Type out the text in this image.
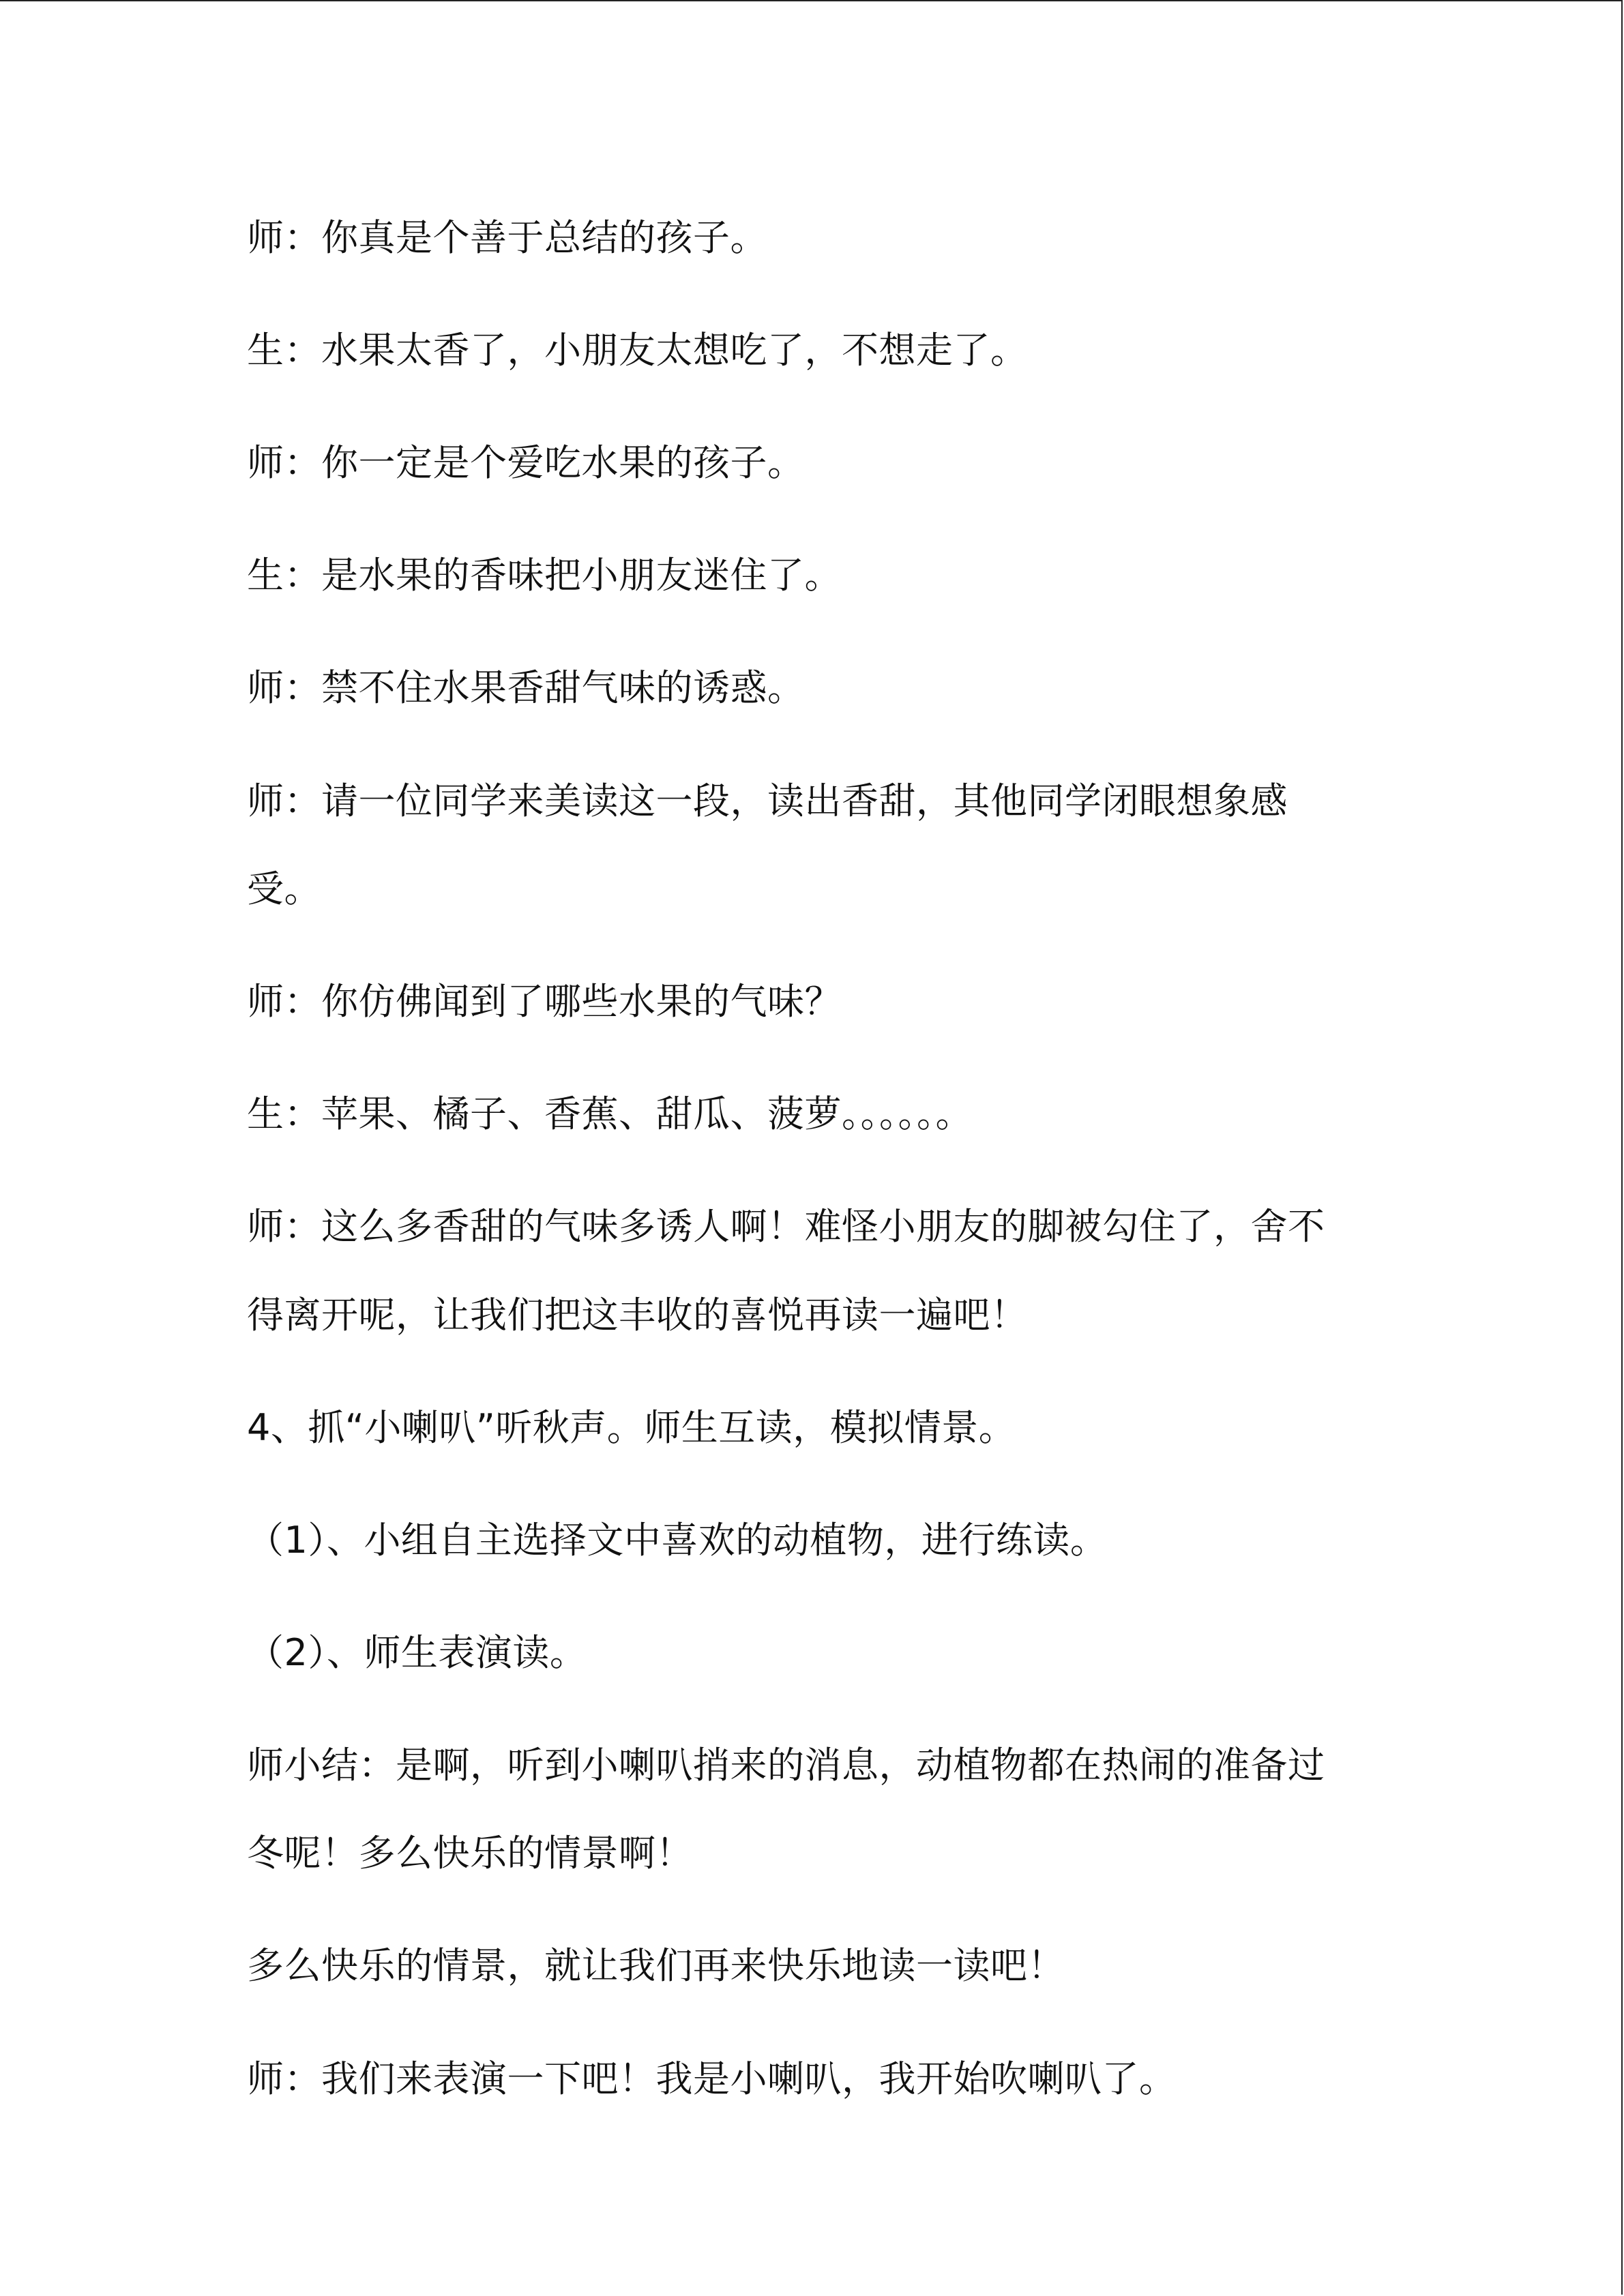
师：你真是个善于总结的孩子。
生：水果太香了，小朋友太想吃了，不想走了。
师：你一定是个爱吃水果的孩子。
生：是水果的香味把小朋友迷住了。
师：禁不住水果香甜气味的诱惑。
师：请一位同学来美读这一段，读出香甜，其他同学闭眼想象感
受。
师：你仿佛闻到了哪些水果的气味？
生：苹果、橘子、香蕉、甜瓜、菠萝。。。。。。
师：这么多香甜的气味多诱人啊！难怪小朋友的脚被勾住了，舍不
得离开呢，让我们把这丰收的喜悦再读一遍吧！
4、抓“小喇叭”听秋声。师生互读，模拟情景。
（1）、小组自主选择文中喜欢的动植物，进行练读。
（2）、师生表演读。
师小结：是啊，听到小喇叭捎来的消息，动植物都在热闹的准备过
冬呢！多么快乐的情景啊！
多么快乐的情景，就让我们再来快乐地读一读吧！
师：我们来表演一下吧！我是小喇叭，我开始吹喇叭了。
